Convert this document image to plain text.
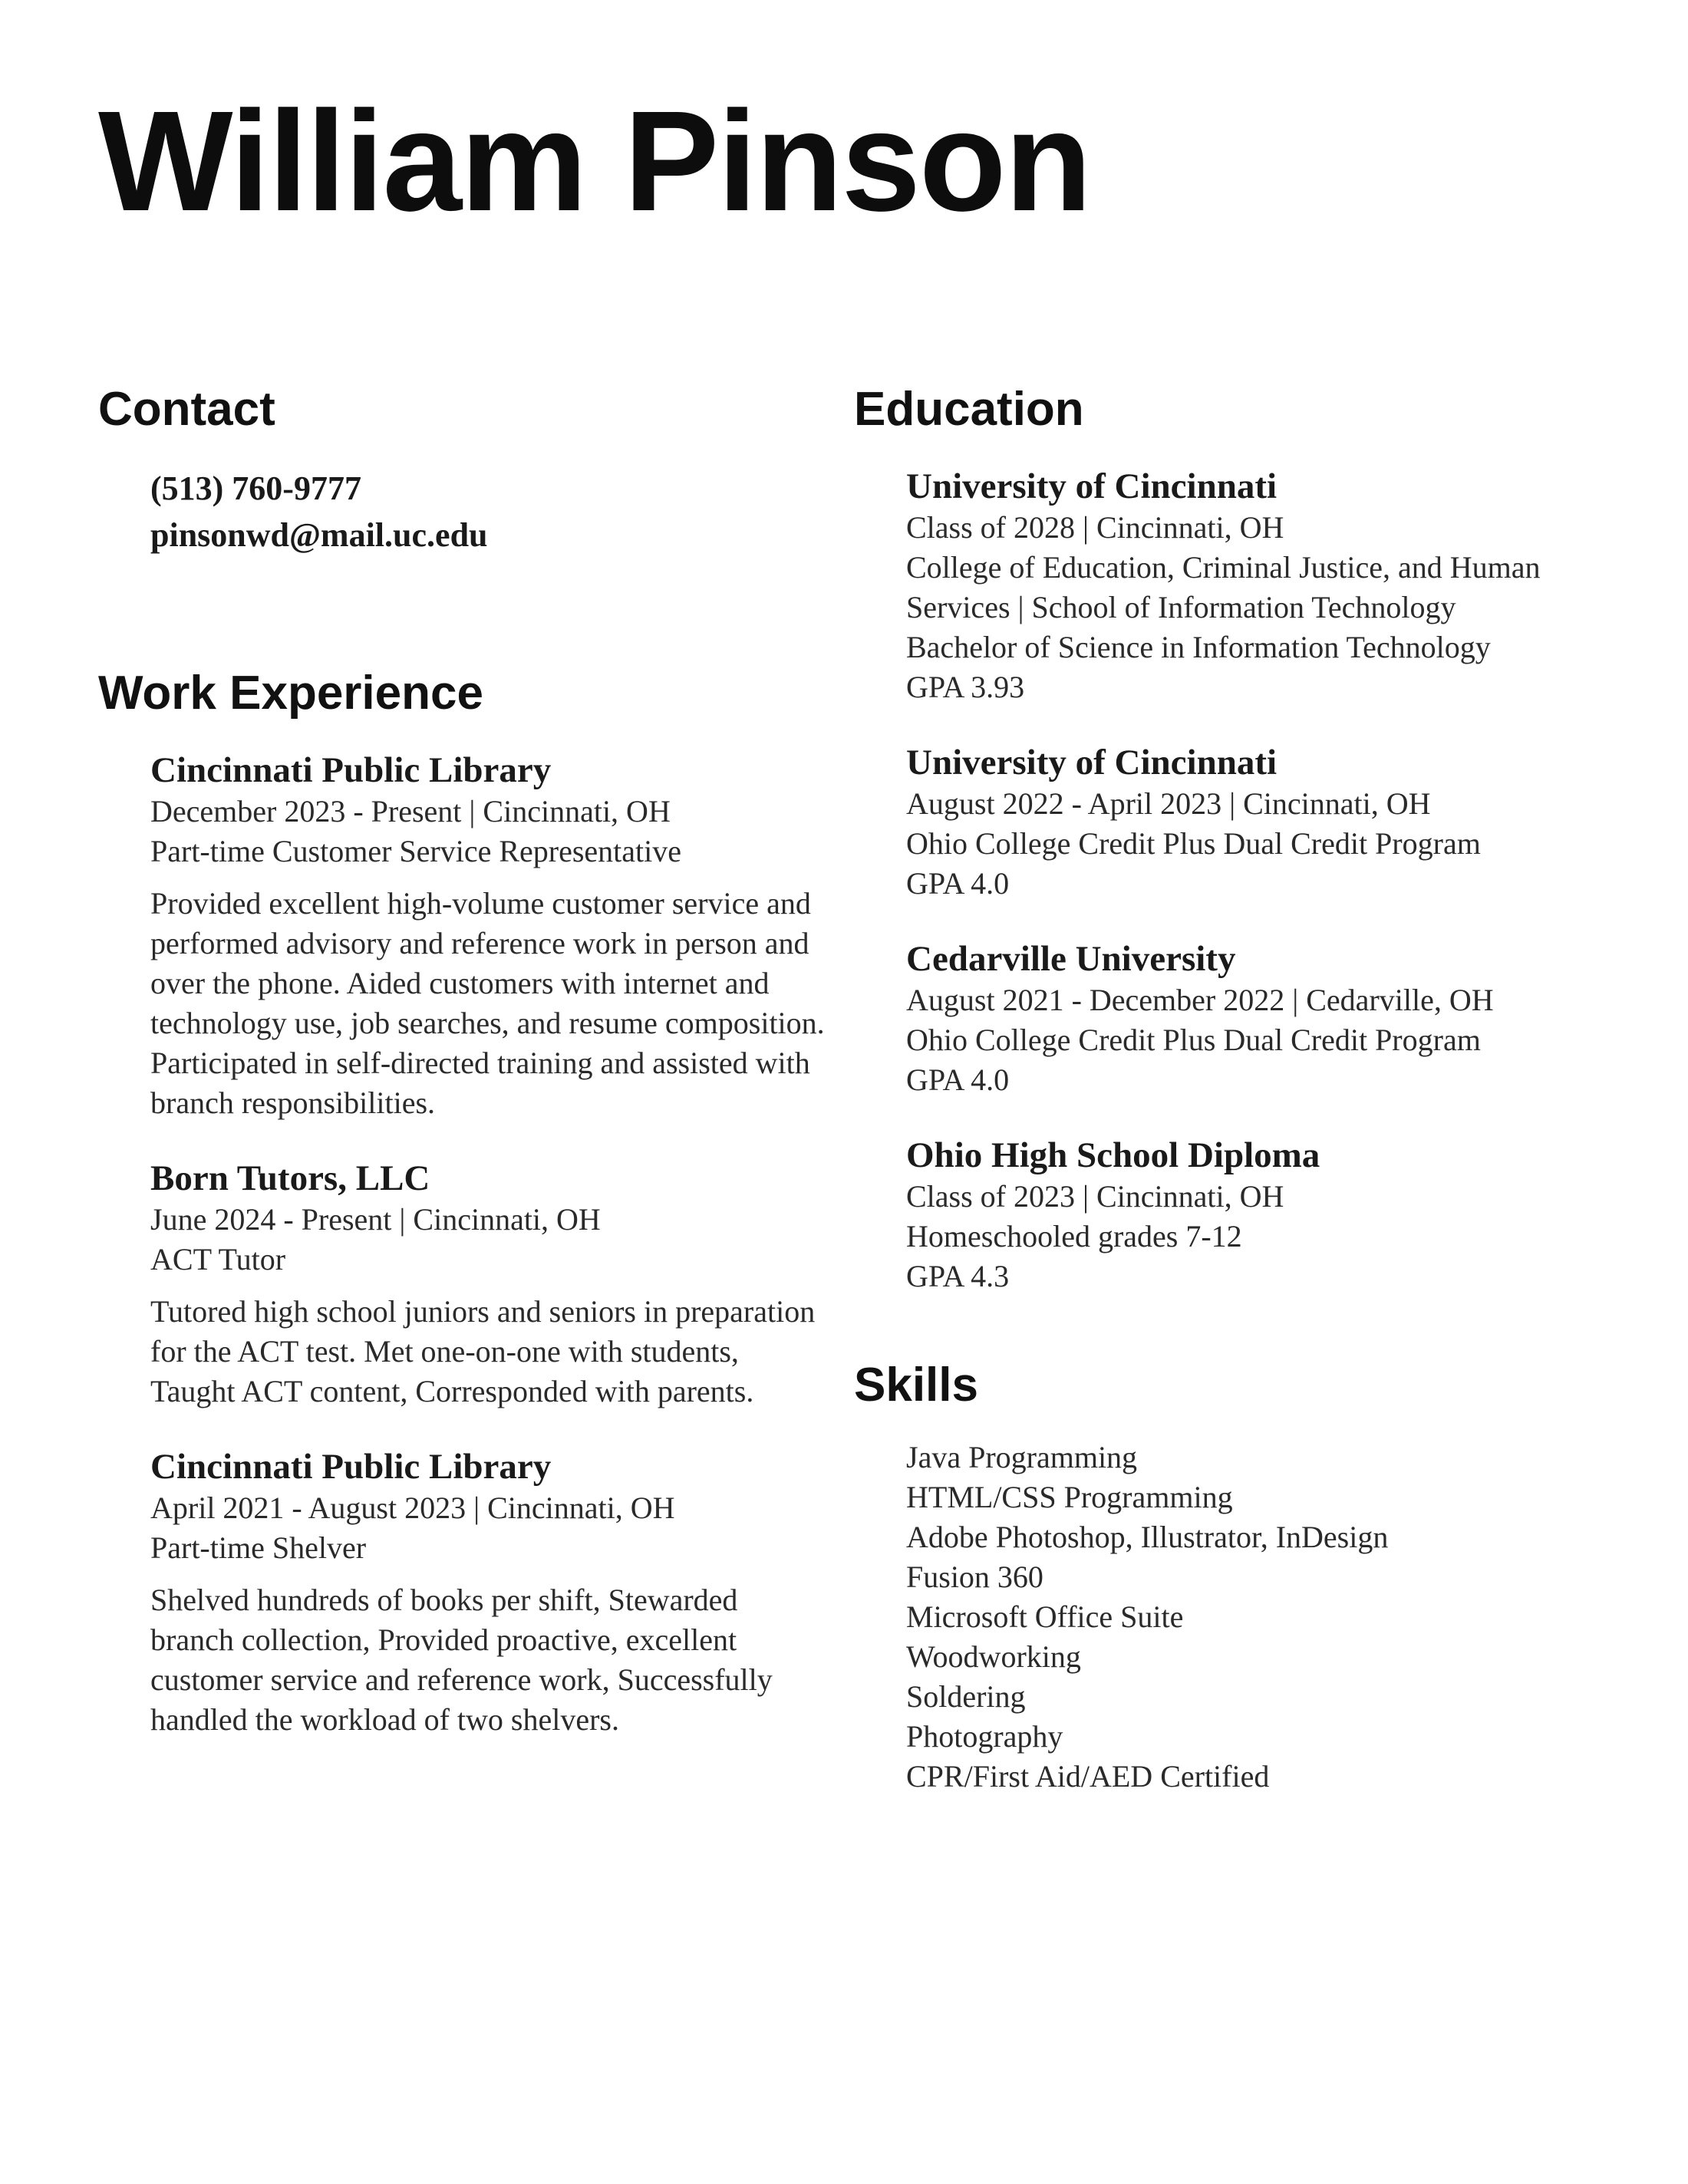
William Pinson
Contact
(513) 760-9777
pinsonwd@mail.uc.edu
Work Experience
Cincinnati Public Library
December 2023 - Present | Cincinnati, OH
Part-time Customer Service Representative
Provided excellent high-volume customer service and performed advisory and reference work in person and over the phone. Aided customers with internet and technology use, job searches, and resume composition. Participated in self-directed training and assisted with branch responsibilities.
Born Tutors, LLC
June 2024 - Present | Cincinnati, OH
ACT Tutor
Tutored high school juniors and seniors in preparation for the ACT test. Met one-on-one with students, Taught ACT content, Corresponded with parents.
Cincinnati Public Library
April 2021 - August 2023 | Cincinnati, OH
Part-time Shelver
Shelved hundreds of books per shift, Stewarded branch collection, Provided proactive, excellent customer service and reference work, Successfully handled the workload of two shelvers.
Education
University of Cincinnati
Class of 2028 | Cincinnati, OH
College of Education, Criminal Justice, and Human Services | School of Information Technology
Bachelor of Science in Information Technology
GPA 3.93
University of Cincinnati
August 2022 - April 2023 | Cincinnati, OH
Ohio College Credit Plus Dual Credit Program
GPA 4.0
Cedarville University
August 2021 - December 2022 | Cedarville, OH
Ohio College Credit Plus Dual Credit Program
GPA 4.0
Ohio High School Diploma
Class of 2023 | Cincinnati, OH
Homeschooled grades 7-12
GPA 4.3
Skills
Java Programming
HTML/CSS Programming
Adobe Photoshop, Illustrator, InDesign
Fusion 360
Microsoft Office Suite
Woodworking
Soldering
Photography
CPR/First Aid/AED Certified
